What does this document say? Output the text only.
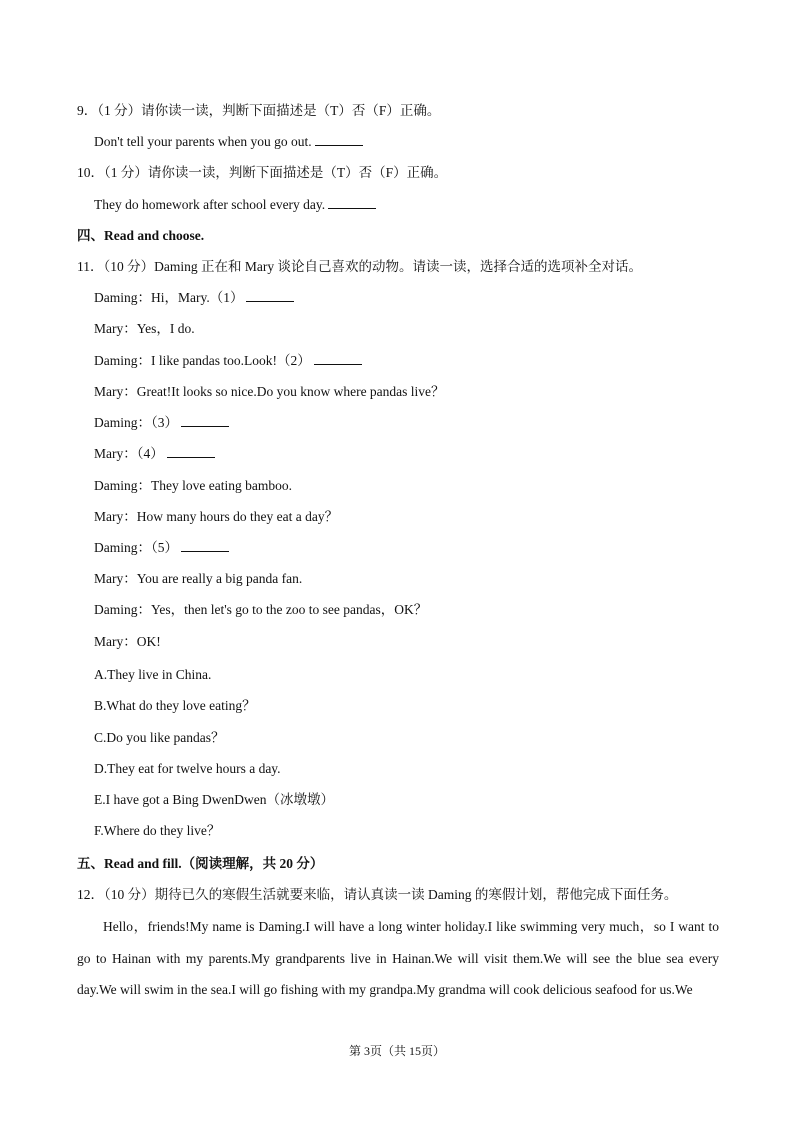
9．（1 分）请你读一读，判断下面描述是（T）否（F）正确。
Don't tell your parents when you go out.
10．（1 分）请你读一读，判断下面描述是（T）否（F）正确。
They do homework after school every day.
四、Read and choose.
11．（10 分）Daming 正在和 Mary 谈论自己喜欢的动物。请读一读，选择合适的选项补全对话。
Daming：Hi，Mary.（1）
Mary：Yes，I do.
Daming：I like pandas too.Look!（2）
Mary：Great!It looks so nice.Do you know where pandas live？
Daming：（3）
Mary：（4）
Daming：They love eating bamboo.
Mary：How many hours do they eat a day？
Daming：（5）
Mary：You are really a big panda fan.
Daming：Yes，then let's go to the zoo to see pandas，OK？
Mary：OK!
A.They live in China.
B.What do they love eating？
C.Do you like pandas？
D.They eat for twelve hours a day.
E.I have got a Bing DwenDwen（冰墩墩）
F.Where do they live？
五、Read and fill.（阅读理解，共 20 分）
12．（10 分）期待已久的寒假生活就要来临，请认真读一读 Daming 的寒假计划，帮他完成下面任务。
Hello，friends!My name is Daming.I will have a long winter holiday.I like swimming very much，so I want to go to Hainan with my parents.My grandparents live in Hainan.We will visit them.We will see the blue sea every day.We will swim in the sea.I will go fishing with my grandpa.My grandma will cook delicious seafood for us.We
第 3页（共 15页）
